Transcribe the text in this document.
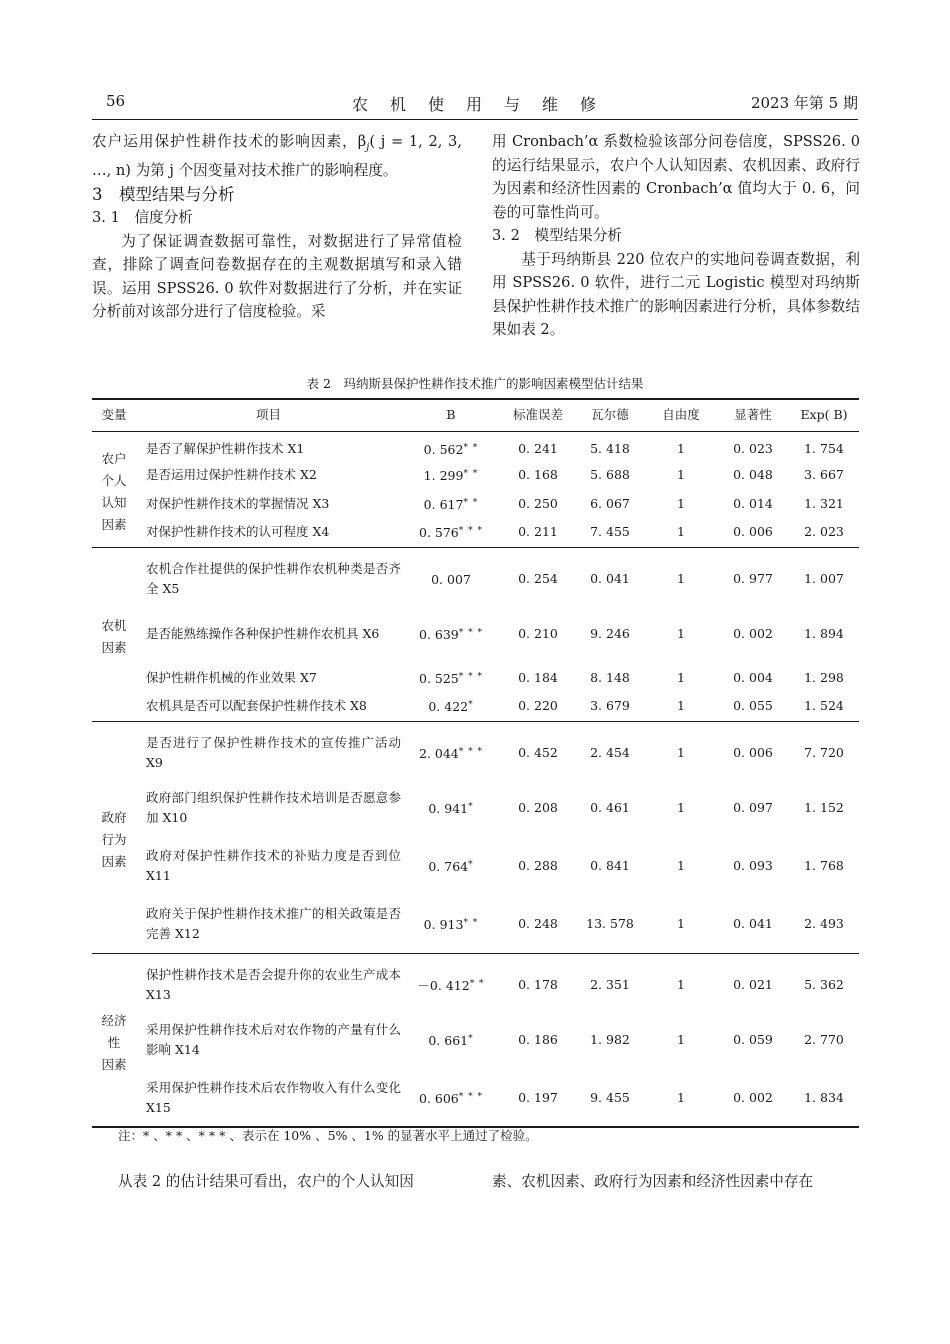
56	农机使用与维修	2023 年第 5 期

农户运用保护性耕作技术的影响因素，$\beta_j$( j = 1, 2, 3, …, n) 为第 j 个因变量对技术推广的影响程度。

3　模型结果与分析

3. 1　信度分析

为了保证调查数据可靠性，对数据进行了异常值检查，排除了调查问卷数据存在的主观数据填写和录入错误。运用 SPSS26. 0 软件对数据进行了分析，并在实证分析前对该部分进行了信度检验。采

用 Cronbach’α 系数检验该部分问卷信度，SPSS26. 0 的运行结果显示，农户个人认知因素、农机因素、政府行为因素和经济性因素的 Cronbach’α 值均大于 0. 6，问卷的可靠性尚可。

3. 2　模型结果分析

基于玛纳斯县 220 位农户的实地问卷调查数据，利用 SPSS26. 0 软件，进行二元 Logistic 模型对玛纳斯县保护性耕作技术推广的影响因素进行分析，具体参数结果如表 2。

表 2　玛纳斯县保护性耕作技术推广的影响因素模型估计结果
变量	项目	B	标准误差	瓦尔德	自由度	显著性	Exp( B)
农户
个人
认知
因素	是否了解保护性耕作技术 X1	0. 562* *	0. 241	5. 418	1	0. 023	1. 754
	是否运用过保护性耕作技术 X2	1. 299* *	0. 168	5. 688	1	0. 048	3. 667
	对保护性耕作技术的掌握情况 X3	0. 617* *	0. 250	6. 067	1	0. 014	1. 321
	对保护性耕作技术的认可程度 X4	0. 576* * *	0. 211	7. 455	1	0. 006	2. 023
农机
因素	农机合作社提供的保护性耕作农机种类是否齐全 X5	0. 007	0. 254	0. 041	1	0. 977	1. 007
	是否能熟练操作各种保护性耕作农机具 X6	0. 639* * *	0. 210	9. 246	1	0. 002	1. 894
	保护性耕作机械的作业效果 X7	0. 525* * *	0. 184	8. 148	1	0. 004	1. 298
	农机具是否可以配套保护性耕作技术 X8	0. 422*	0. 220	3. 679	1	0. 055	1. 524
政府
行为
因素	是否进行了保护性耕作技术的宣传推广活动 X9	2. 044* * *	0. 452	2. 454	1	0. 006	7. 720
	政府部门组织保护性耕作技术培训是否愿意参加 X10	0. 941*	0. 208	0. 461	1	0. 097	1. 152
	政府对保护性耕作技术的补贴力度是否到位 X11	0. 764*	0. 288	0. 841	1	0. 093	1. 768
	政府关于保护性耕作技术推广的相关政策是否完善 X12	0. 913* *	0. 248	13. 578	1	0. 041	2. 493
经济
性
因素	保护性耕作技术是否会提升你的农业生产成本 X13	－0. 412* *	0. 178	2. 351	1	0. 021	5. 362
	采用保护性耕作技术后对农作物的产量有什么影响 X14	0. 661*	0. 186	1. 982	1	0. 059	2. 770
	采用保护性耕作技术后农作物收入有什么变化 X15	0. 606* * *	0. 197	9. 455	1	0. 002	1. 834
注：* 、* * 、* * * 、表示在 10% 、5% 、1% 的显著水平上通过了检验。
从表 2 的估计结果可看出，农户的个人认知因	素、农机因素、政府行为因素和经济性因素中存在
